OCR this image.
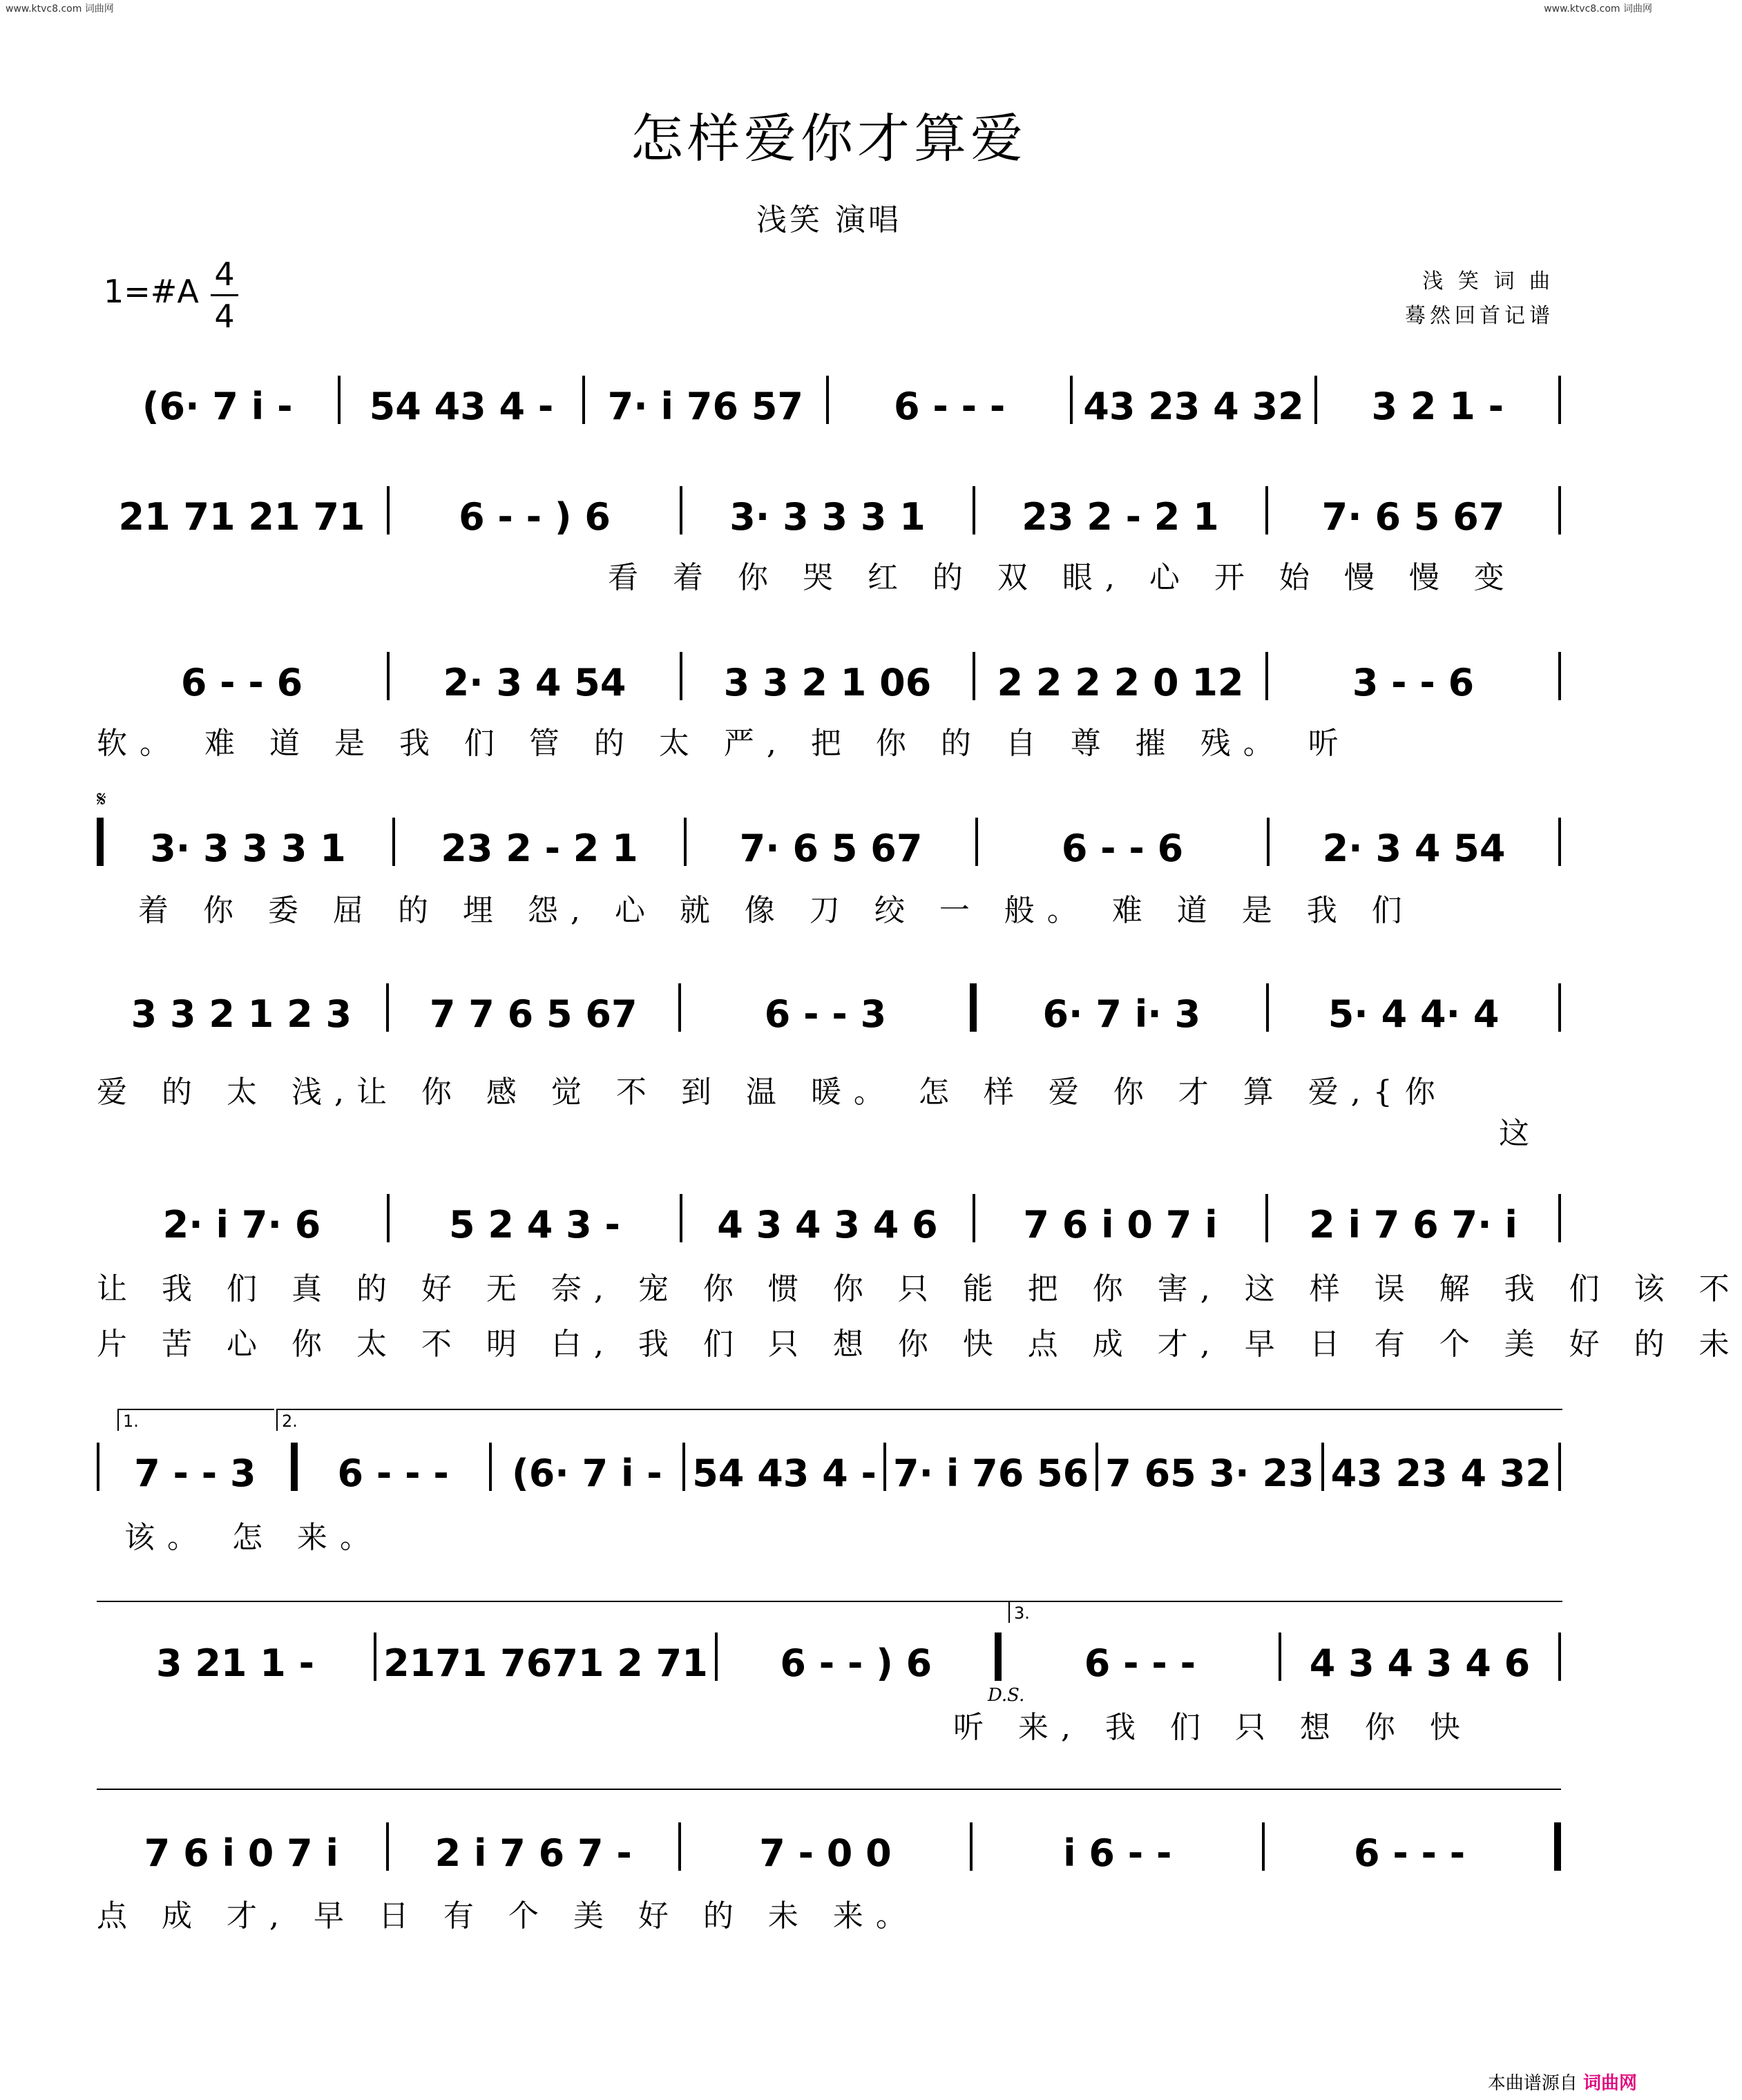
www.ktvc8.com 词曲网	www.ktvc8.com 词曲网
怎样爱你才算爱
浅笑 演唱
1=#A 4
4
浅 笑 词 曲
蓦然回首记谱
(6· 7 i -	54 43 4 -	7· i 76 57	6 - - -	43 23 4 32	3 2 1 -
21 71 21 71	6 - - ) 6	3· 3 3 3 1	23 2 - 2 1	7· 6 5 67
看 着 你 哭 红 的 双 眼, 心 开 始 慢 慢 变
6 - - 6	2· 3 4 54	3 3 2 1 06	2 2 2 2 0 12	3 - - 6
软。 难 道 是 我 们 管 的 太 严, 把 你 的 自 尊 摧 残。 听
𝄋
3· 3 3 3 1	23 2 - 2 1	7· 6 5 67	6 - - 6	2· 3 4 54
着 你 委 屈 的 埋 怨, 心 就 像 刀 绞 一 般。 难 道 是 我 们
3 3 2 1 2 3	7 7 6 5 67	6 - - 3	6· 7 i· 3	5· 4 4· 4
爱 的 太 浅,让 你 感 觉 不 到 温 暖。 怎 样 爱 你 才 算 爱,{你
这
2· i 7· 6	5 2 4 3 -	4 3 4 3 4 6	7 6 i 0 7 i	2 i 7 6 7· i
让 我 们 真 的 好 无 奈, 宠 你 惯 你 只 能 把 你 害, 这 样 误 解 我 们 该 不
片 苦 心 你 太 不 明 白, 我 们 只 想 你 快 点 成 才, 早 日 有 个 美 好 的 未
1.	2.
7 - - 3	6 - - -	(6· 7 i - 54 43 4 - 7· i 76 56 7 65 3· 23 43 23 4 32
该。 怎 来。
3.
3 21 1 -	2171 7671 2 71	6 - - ) 6	6 - - -	4 3 4 3 4 6
D.S.
听 来, 我 们 只 想 你 快
7 6 i 0 7 i	2 i 7 6 7 -	7 - 0 0	i 6 - -	6 - - -
点 成 才, 早 日 有 个 美 好 的 未 来。
本曲谱源自 词曲网
